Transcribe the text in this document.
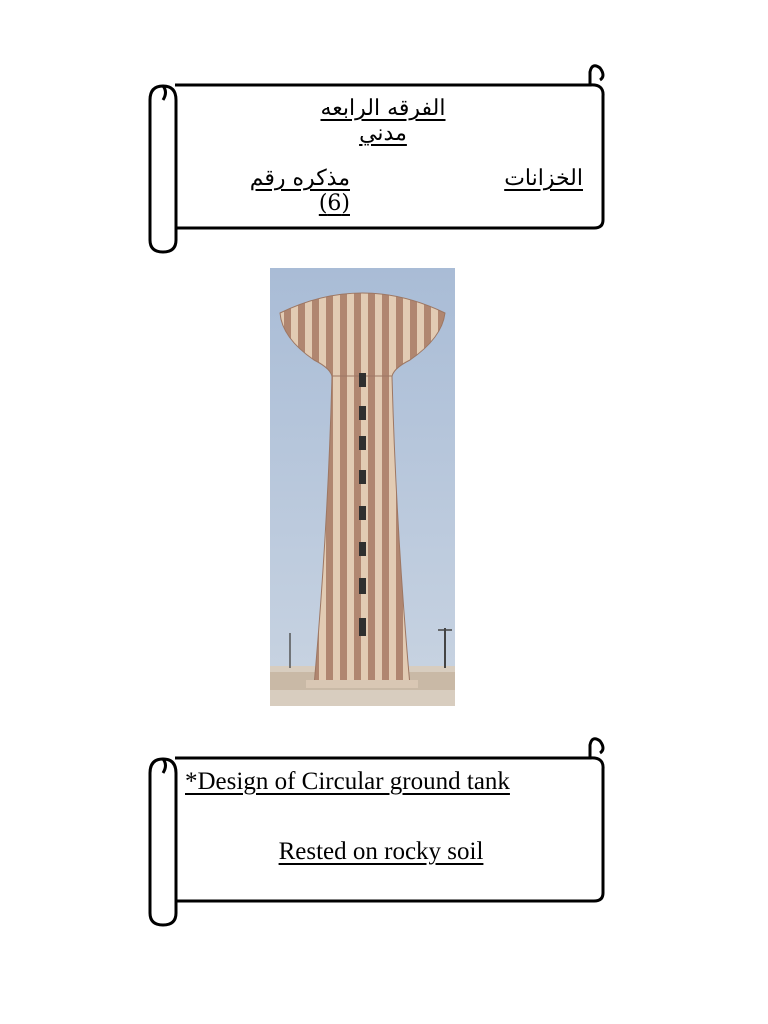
الفرقه الرابعه مدني
الخزانات
مذكره رقم (6)
*Design of Circular ground tank
Rested on rocky soil
